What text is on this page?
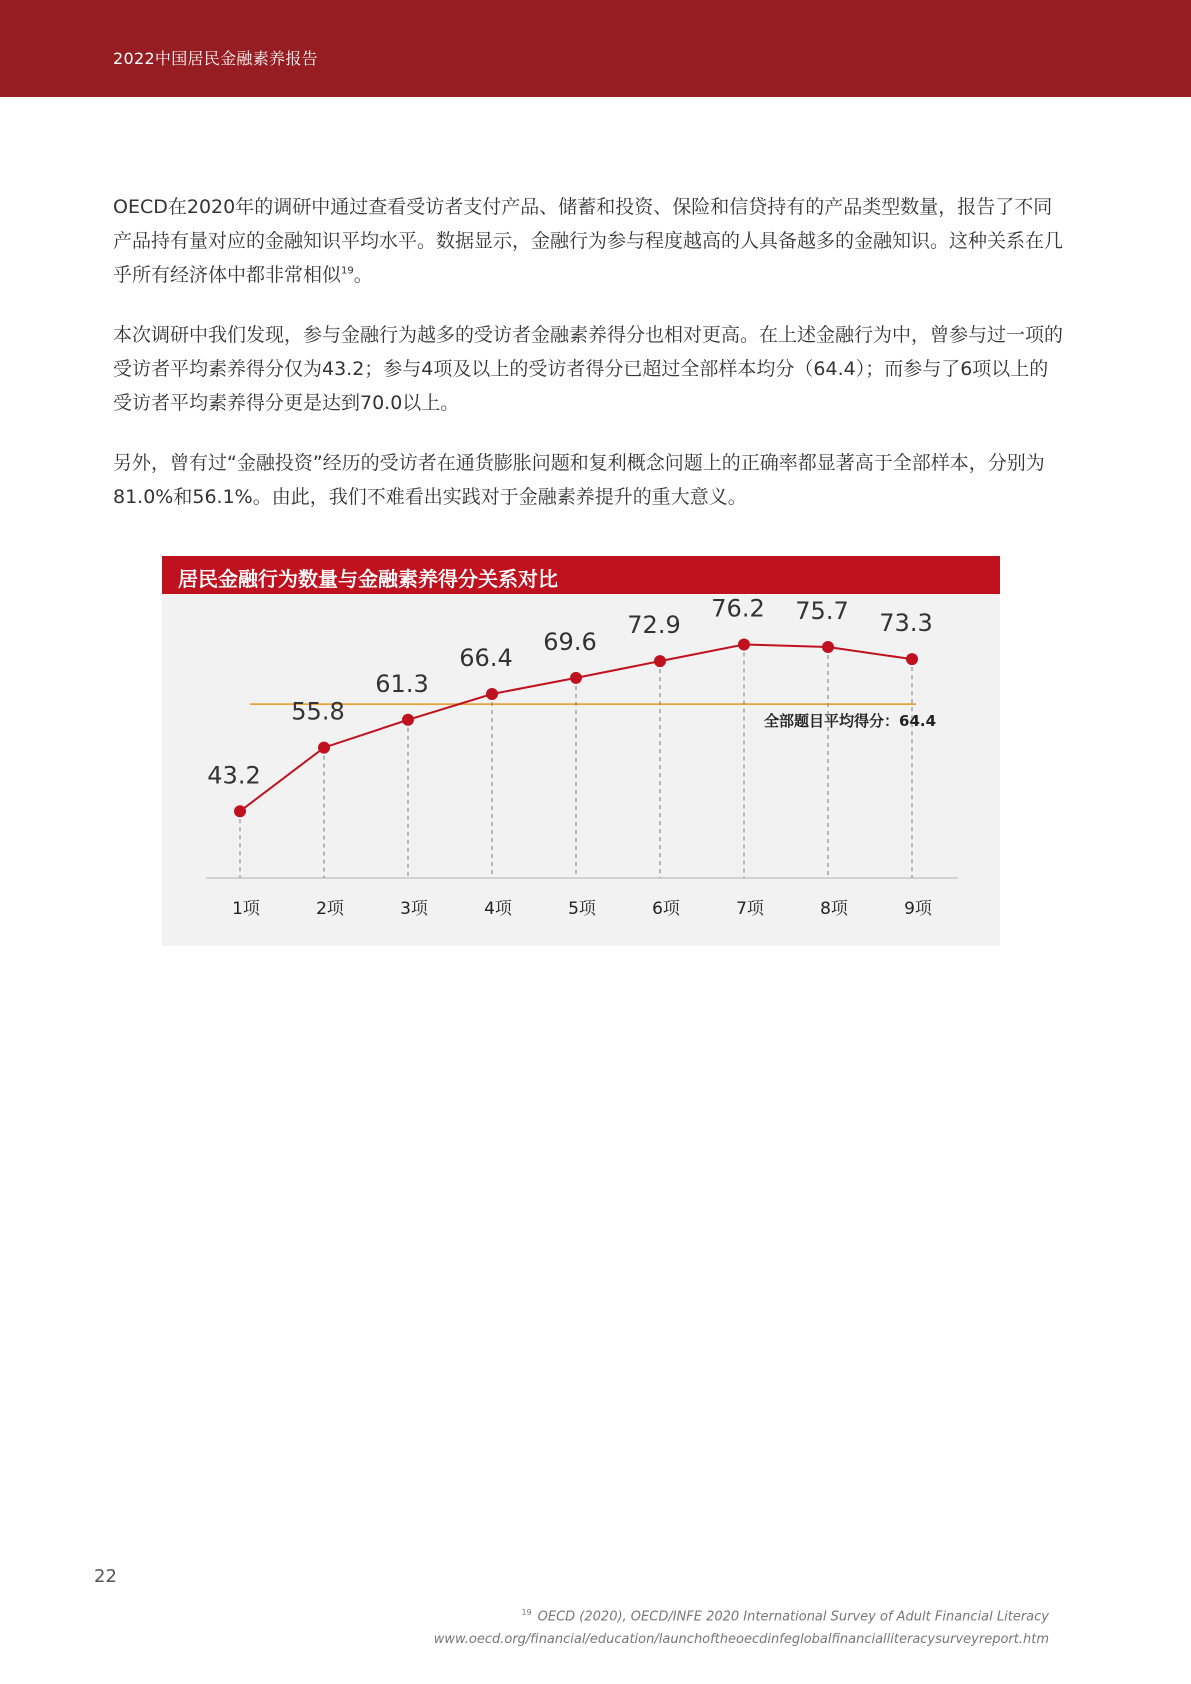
2022中国居民金融素养报告

OECD在2020年的调研中通过查看受访者支付产品、储蓄和投资、保险和信贷持有的产品类型数量，报告了不同产品持有量对应的金融知识平均水平。数据显示，金融行为参与程度越高的人具备越多的金融知识。这种关系在几乎所有经济体中都非常相似$^{19}$。

本次调研中我们发现，参与金融行为越多的受访者金融素养得分也相对更高。在上述金融行为中，曾参与过一项的受访者平均素养得分仅为43.2；参与4项及以上的受访者得分已超过全部样本均分（64.4）；而参与了6项以上的受访者平均素养得分更是达到70.0以上。

另外，曾有过“金融投资”经历的受访者在通货膨胀问题和复利概念问题上的正确率都显著高于全部样本，分别为81.0%和56.1%。由此，我们不难看出实践对于金融素养提升的重大意义。

居民金融行为数量与金融素养得分关系对比
全部题目平均得分：64.4
43.2
55.8
61.3
66.4
69.6
72.9
76.2 75.7 73.3
1项	2项	3项	4项	5项	6项	7项	8项	9项
22
$^{19}$ OECD (2020), OECD/INFE 2020 International Survey of Adult Financial Literacy
www.oecd.org/financial/education/launchoftheoecdinfeglobalfinancialliteracysurveyreport.htm
